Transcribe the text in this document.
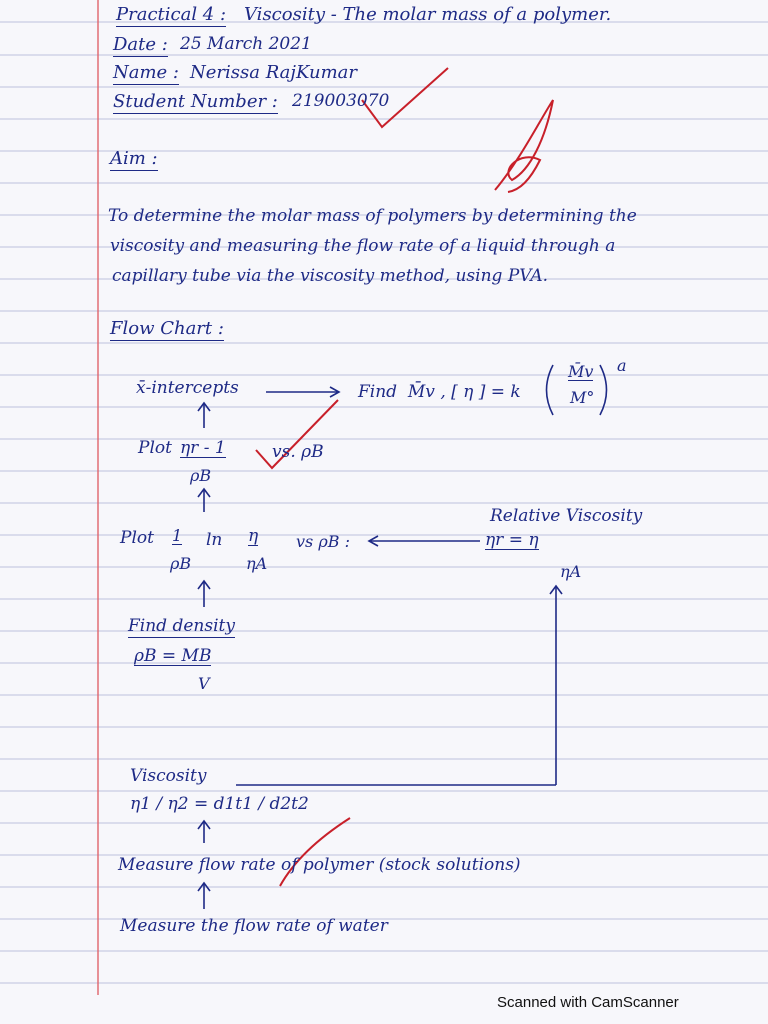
Practical 4 : Viscosity - The molar mass of a polymer.
Date : 25 March 2021
Name : Nerissa RajKumar
Student Number : 219003070
Aim :
To determine the molar mass of polymers by determining the
viscosity and measuring the flow rate of a liquid through a
capillary tube via the viscosity method, using PVA.
Flow Chart :
x̄-intercepts	Find M̄v , [ η ] = k
M̄v
M°
a
Plot ηr - 1
ρB
vs. ρB
Relative Viscosity
ηr = η
ηA
Plot 1
ρB
ln η
ηA
vs ρB :
Find density
ρB = MB
V
Viscosity
η1 / η2 = d1t1 / d2t2
Measure flow rate of polymer (stock solutions)
Measure the flow rate of water
Scanned with CamScanner
